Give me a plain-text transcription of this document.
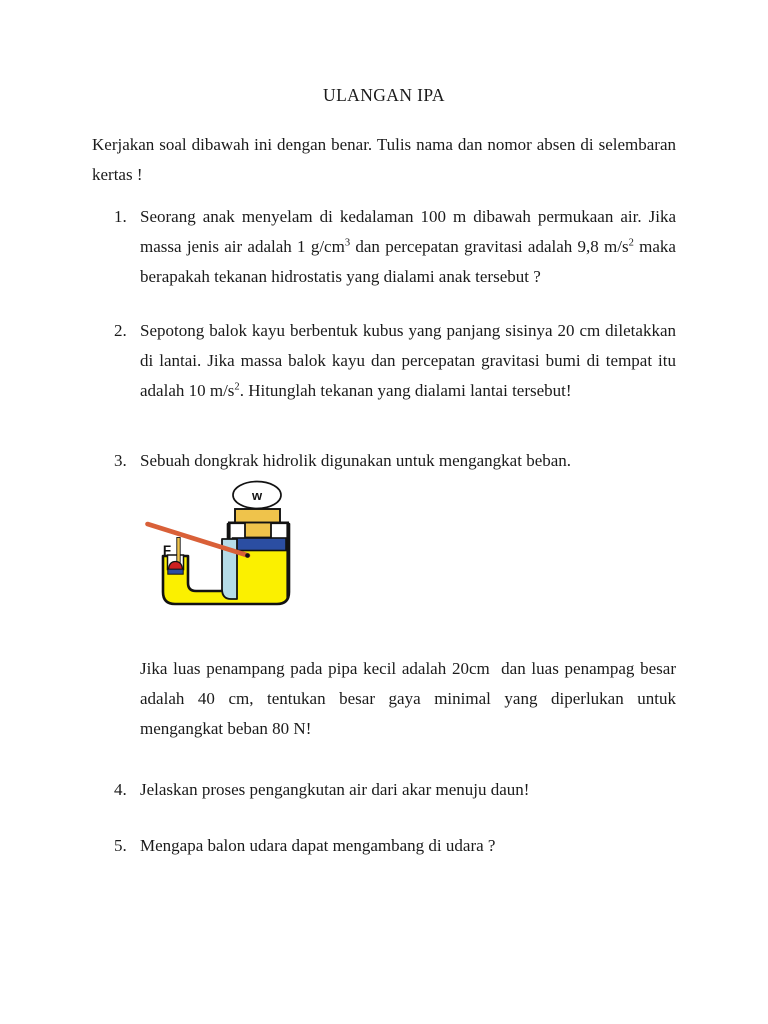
ULANGAN IPA

Kerjakan soal dibawah ini dengan benar. Tulis nama dan nomor absen di selembaran kertas !

1. Seorang anak menyelam di kedalaman 100 m dibawah permukaan air. Jika massa jenis air adalah 1 $g/cm^3$ dan percepatan gravitasi adalah 9,8 $m/s^2$ maka berapakah tekanan hidrostatis yang dialami anak tersebut ?
2. Sepotong balok kayu berbentuk kubus yang panjang sisinya 20 cm diletakkan di lantai. Jika massa balok kayu dan percepatan gravitasi bumi di tempat itu adalah 10 $m/s^2$. Hitunglah tekanan yang dialami lantai tersebut!
3. Sebuah dongkrak hidrolik digunakan untuk mengangkat beban.
w
F

Jika luas penampang pada pipa kecil adalah 20cm  dan luas penampag besar adalah 40 cm, tentukan besar gaya minimal yang diperlukan untuk mengangkat beban 80 N!

4. Jelaskan proses pengangkutan air dari akar menuju daun!
5. Mengapa balon udara dapat mengambang di udara ?
